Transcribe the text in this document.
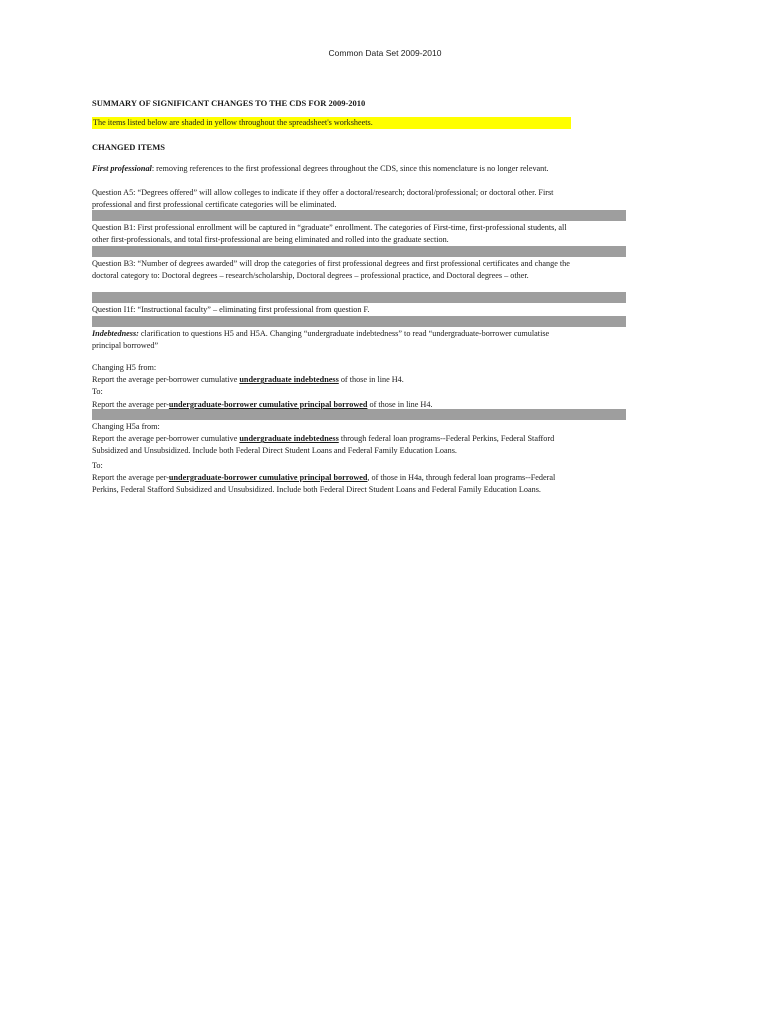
Common Data Set 2009-2010
SUMMARY OF SIGNIFICANT CHANGES TO THE CDS FOR 2009-2010
The items listed below are shaded in yellow throughout the spreadsheet's worksheets.
CHANGED ITEMS

First professional: removing references to the first professional degrees throughout the CDS, since this nomenclature is no longer relevant.

Question A5: “Degrees offered” will allow colleges to indicate if they offer a doctoral/research; doctoral/professional; or doctoral other. First

professional and first professional certificate categories will be eliminated.

Question B1: First professional enrollment will be captured in “graduate” enrollment. The categories of First-time, first-professional students, all

other first-professionals, and total first-professional are being eliminated and rolled into the graduate section.

Question B3: “Number of degrees awarded” will drop the categories of first professional degrees and first professional certificates and change the

doctoral category to: Doctoral degrees – research/scholarship, Doctoral degrees – professional practice, and Doctoral degrees – other.

Question I1f: “Instructional faculty” – eliminating first professional from question F.

Indebtedness: clarification to questions H5 and H5A. Changing “undergraduate indebtedness” to read “undergraduate-borrower cumulatise

principal borrowed”

Changing H5 from:

Report the average per-borrower cumulative undergraduate indebtedness of those in line H4.

To:

Report the average per-undergraduate-borrower cumulative principal borrowed of those in line H4.

Changing H5a from:

Report the average per-borrower cumulative undergraduate indebtedness through federal loan programs--Federal Perkins, Federal Stafford

Subsidized and Unsubsidized. Include both Federal Direct Student Loans and Federal Family Education Loans.

To:

Report the average per-undergraduate-borrower cumulative principal borrowed, of those in H4a, through federal loan programs--Federal

Perkins, Federal Stafford Subsidized and Unsubsidized. Include both Federal Direct Student Loans and Federal Family Education Loans.
